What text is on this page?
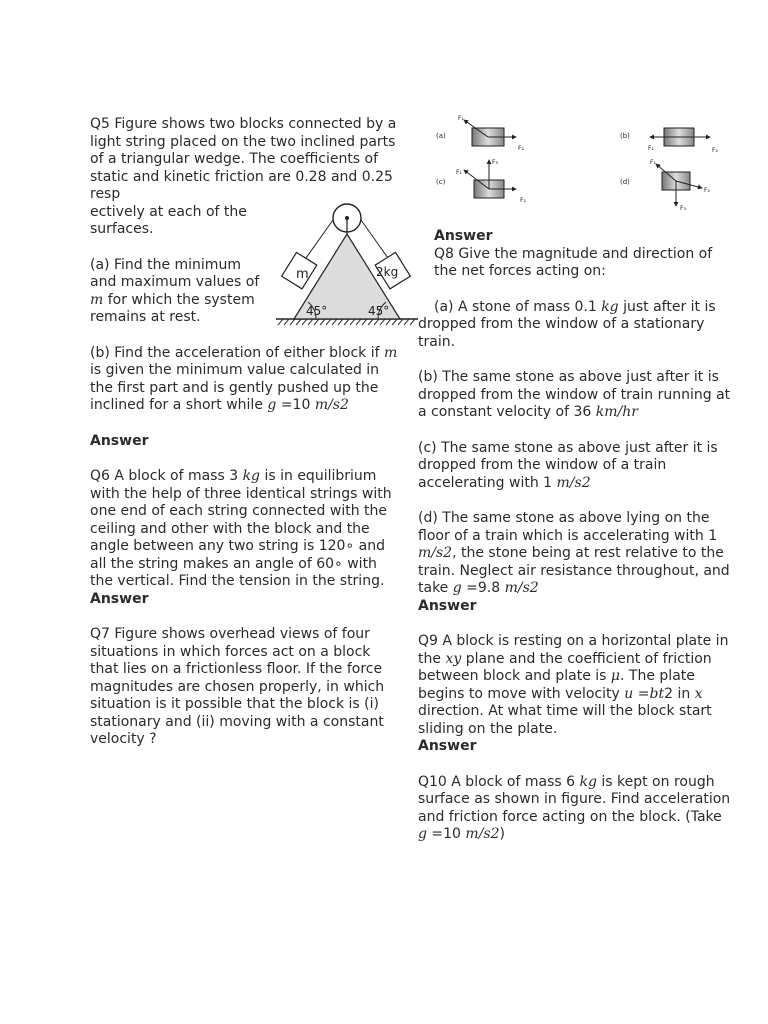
Q5 Figure shows two blocks connected by a light string placed on the two inclined parts of a triangular wedge. The coefficients of static and kinetic friction are 0.28 and 0.25 resp

ectively at each of the surfaces.

(a) Find the minimum and maximum values of m for which the system remains at rest.

(b) Find the acceleration of either block if m is given the minimum value calculated in the first part and is gently pushed up the inclined for a short while g =10 m/s2

Answer

Q6 A block of mass 3 kg is in equilibrium with the help of three identical strings with one end of each string connected with the ceiling and other with the block and the angle between any two string is 120∘ and all the string makes an angle of 60∘ with the vertical. Find the tension in the string.

Answer

Q7 Figure shows overhead views of four situations in which forces act on a block that lies on a frictionless floor. If the force magnitudes are chosen properly, in which situation is it possible that the block is (i) stationary and (ii) moving with a constant velocity ?

m	2kg
45°	45°
(a)
F₁
F₂
(b)
F₁	F₂
(c)
F₃
F₁
F₂
(d)
F₁
F₃
F₂
Answer

Q8 Give the magnitude and direction of the net forces acting on:

(a) A stone of mass 0.1 kg just after it is dropped from the window of a stationary train.

(b) The same stone as above just after it is dropped from the window of train running at a constant velocity of 36 km/hr

(c) The same stone as above just after it is dropped from the window of a train accelerating with 1 m/s2

(d) The same stone as above lying on the floor of a train which is accelerating with 1 m/s2, the stone being at rest relative to the train. Neglect air resistance throughout, and take g =9.8 m/s2

Answer

Q9 A block is resting on a horizontal plate in the xy plane and the coefficient of friction between block and plate is μ. The plate begins to move with velocity u =bt2 in x direction. At what time will the block start sliding on the plate.

Answer

Q10 A block of mass 6 kg is kept on rough surface as shown in figure. Find acceleration and friction force acting on the block. (Take g =10 m/s2)
